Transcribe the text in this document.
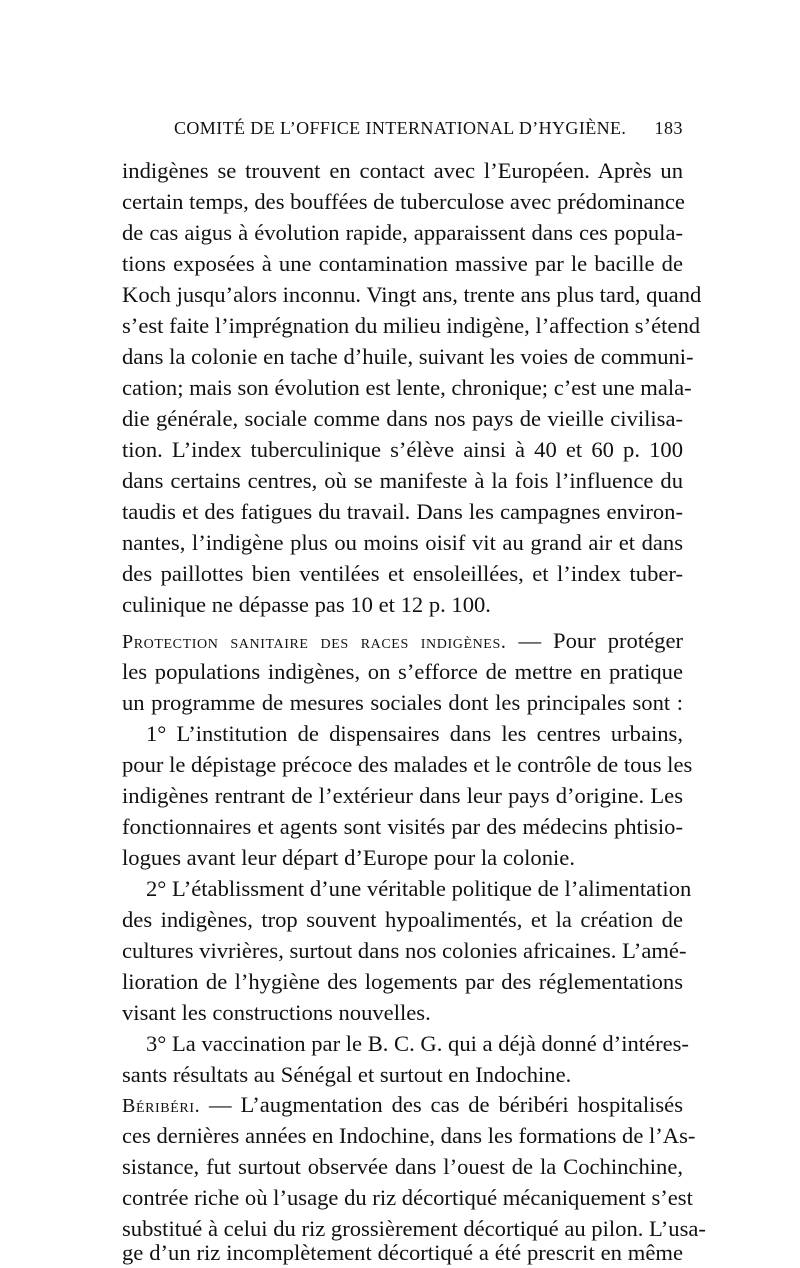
COMITÉ DE L’OFFICE INTERNATIONAL D’HYGIÈNE. 183
indigènes se trouvent en contact avec l’Européen. Après un
certain temps, des bouffées de tuberculose avec prédominance
de cas aigus à évolution rapide, apparaissent dans ces popula-
tions exposées à une contamination massive par le bacille de
Koch jusqu’alors inconnu. Vingt ans, trente ans plus tard, quand
s’est faite l’imprégnation du milieu indigène, l’affection s’étend
dans la colonie en tache d’huile, suivant les voies de communi-
cation; mais son évolution est lente, chronique; c’est une mala-
die générale, sociale comme dans nos pays de vieille civilisa-
tion. L’index tuberculinique s’élève ainsi à 40 et 60 p. 100
dans certains centres, où se manifeste à la fois l’influence du
taudis et des fatigues du travail. Dans les campagnes environ-
nantes, l’indigène plus ou moins oisif vit au grand air et dans
des paillottes bien ventilées et ensoleillées, et l’index tuber-
culinique ne dépasse pas 10 et 12 p. 100.
Protection sanitaire des races indigènes. — Pour protéger
les populations indigènes, on s’efforce de mettre en pratique
un programme de mesures sociales dont les principales sont :
1° L’institution de dispensaires dans les centres urbains,
pour le dépistage précoce des malades et le contrôle de tous les
indigènes rentrant de l’extérieur dans leur pays d’origine. Les
fonctionnaires et agents sont visités par des médecins phtisio-
logues avant leur départ d’Europe pour la colonie.
2° L’établissment d’une véritable politique de l’alimentation
des indigènes, trop souvent hypoalimentés, et la création de
cultures vivrières, surtout dans nos colonies africaines. L’amé-
lioration de l’hygiène des logements par des réglementations
visant les constructions nouvelles.
3° La vaccination par le B. C. G. qui a déjà donné d’intéres-
sants résultats au Sénégal et surtout en Indochine.
Béribéri. — L’augmentation des cas de béribéri hospitalisés
ces dernières années en Indochine, dans les formations de l’As-
sistance, fut surtout observée dans l’ouest de la Cochinchine,
contrée riche où l’usage du riz décortiqué mécaniquement s’est
substitué à celui du riz grossièrement décortiqué au pilon. L’usa-
ge d’un riz incomplètement décortiqué a été prescrit en même
